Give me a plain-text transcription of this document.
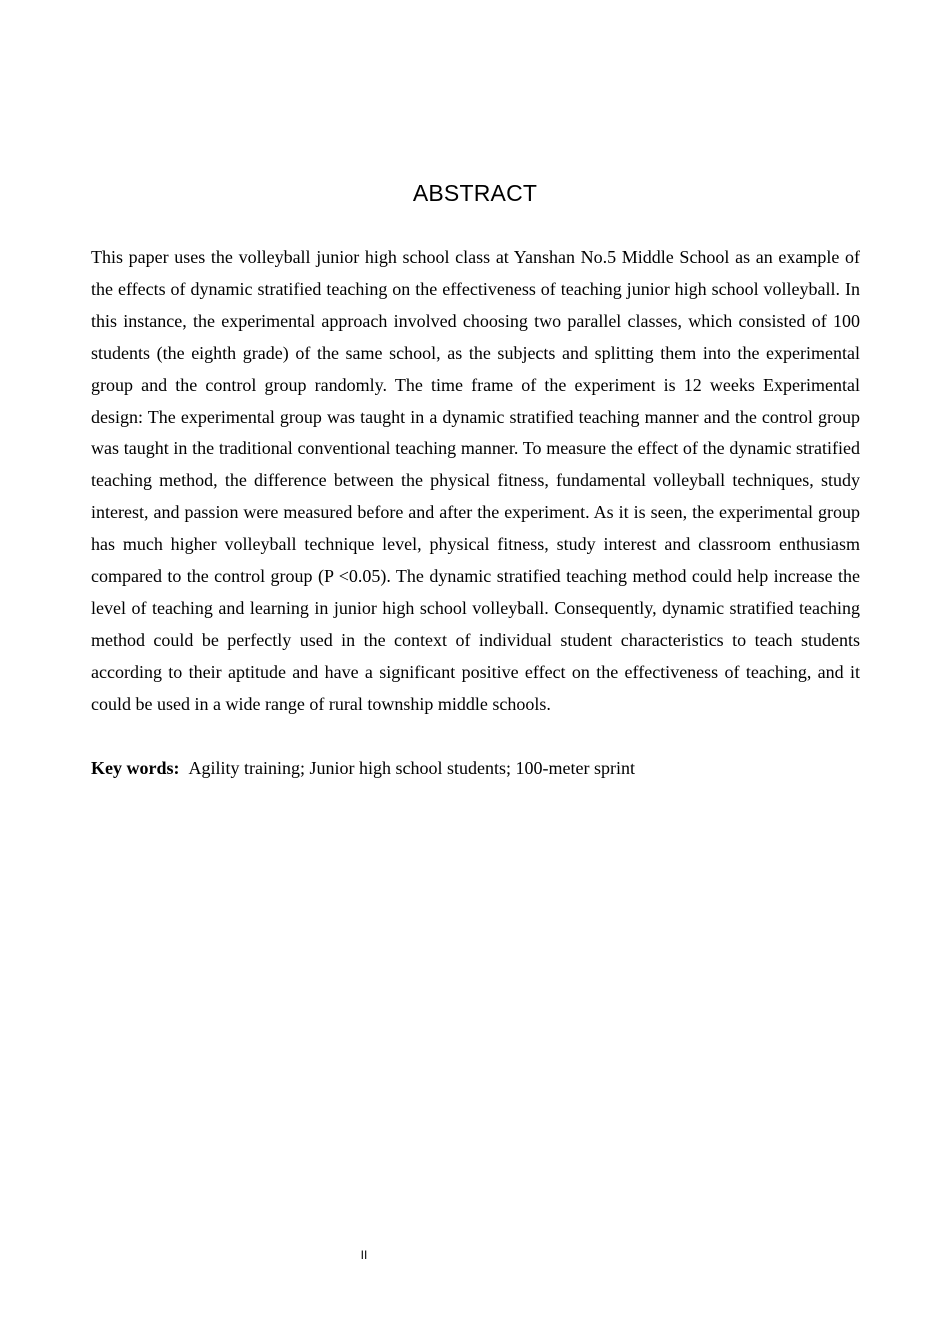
ABSTRACT

This paper uses the volleyball junior high school class at Yanshan No.5 Middle School as an example of the effects of dynamic stratified teaching on the effectiveness of teaching junior high school volleyball. In this instance, the experimental approach involved choosing two parallel classes, which consisted of 100 students (the eighth grade) of the same school, as the subjects and splitting them into the experimental group and the control group randomly. The time frame of the experiment is 12 weeks Experimental design: The experimental group was taught in a dynamic stratified teaching manner and the control group was taught in the traditional conventional teaching manner. To measure the effect of the dynamic stratified teaching method, the difference between the physical fitness, fundamental volleyball techniques, study interest, and passion were measured before and after the experiment. As it is seen, the experimental group has much higher volleyball technique level, physical fitness, study interest and classroom enthusiasm compared to the control group (P <0.05). The dynamic stratified teaching method could help increase the level of teaching and learning in junior high school volleyball. Consequently, dynamic stratified teaching method could be perfectly used in the context of individual student characteristics to teach students according to their aptitude and have a significant positive effect on the effectiveness of teaching, and it could be used in a wide range of rural township middle schools.

Key words: Agility training; Junior high school students; 100-meter sprint

II
